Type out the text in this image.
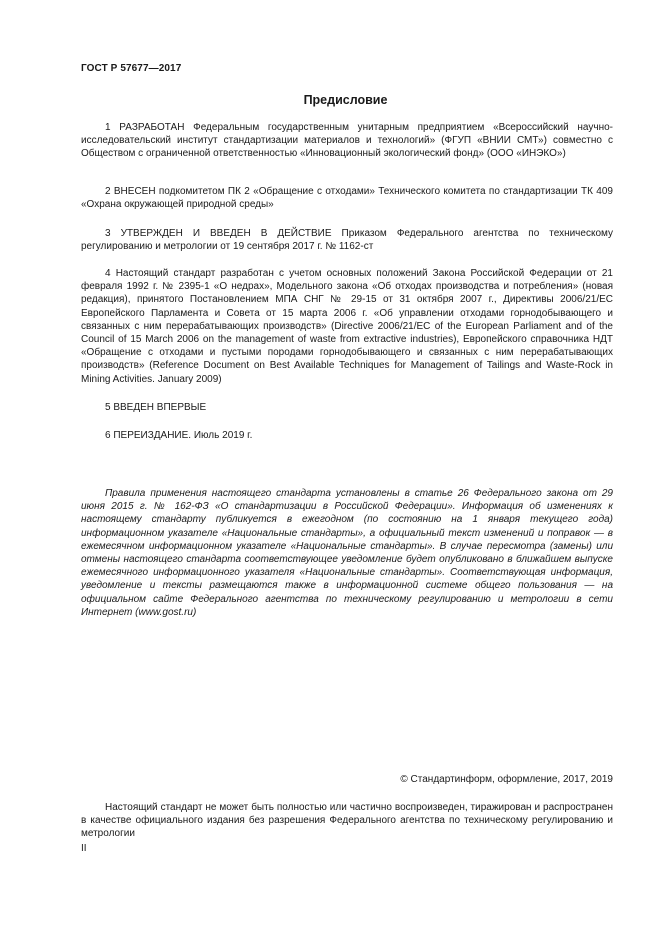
ГОСТ Р 57677—2017
Предисловие

1 РАЗРАБОТАН Федеральным государственным унитарным предприятием «Всероссийский научно-исследовательский институт стандартизации материалов и технологий» (ФГУП «ВНИИ СМТ») совместно с Обществом с ограниченной ответственностью «Инновационный экологический фонд» (ООО «ИНЭКО»)

2 ВНЕСЕН подкомитетом ПК 2 «Обращение с отходами» Технического комитета по стандартизации ТК 409 «Охрана окружающей природной среды»

3 УТВЕРЖДЕН И ВВЕДЕН В ДЕЙСТВИЕ Приказом Федерального агентства по техническому регулированию и метрологии от 19 сентября 2017 г. № 1162-ст

4 Настоящий стандарт разработан с учетом основных положений Закона Российской Федерации от 21 февраля 1992 г. № 2395-1 «О недрах», Модельного закона «Об отходах производства и потребления» (новая редакция), принятого Постановлением МПА СНГ № 29-15 от 31 октября 2007 г., Директивы 2006/21/ЕС Европейского Парламента и Совета от 15 марта 2006 г. «Об управлении отходами горнодобывающего и связанных с ним перерабатывающих производств» (Directive 2006/21/EC of the European Parliament and of the Council of 15 March 2006 on the management of waste from extractive industries), Европейского справочника НДТ «Обращение с отходами и пустыми породами горнодобывающего и связанных с ним перерабатывающих производств» (Reference Document on Best Available Techniques for Management of Tailings and Waste-Rock in Mining Activities. January 2009)

5 ВВЕДЕН ВПЕРВЫЕ

6 ПЕРЕИЗДАНИЕ. Июль 2019 г.

Правила применения настоящего стандарта установлены в статье 26 Федерального закона от 29 июня 2015 г. № 162-ФЗ «О стандартизации в Российской Федерации». Информация об изменениях к настоящему стандарту публикуется в ежегодном (по состоянию на 1 января текущего года) информационном указателе «Национальные стандарты», а официальный текст изменений и поправок — в ежемесячном информационном указателе «Национальные стандарты». В случае пересмотра (замены) или отмены настоящего стандарта соответствующее уведомление будет опубликовано в ближайшем выпуске ежемесячного информационного указателя «Национальные стандарты». Соответствующая информация, уведомление и тексты размещаются также в информационной системе общего пользования — на официальном сайте Федерального агентства по техническому регулированию и метрологии в сети Интернет (www.gost.ru)

© Стандартинформ, оформление, 2017, 2019

Настоящий стандарт не может быть полностью или частично воспроизведен, тиражирован и распространен в качестве официального издания без разрешения Федерального агентства по техническому регулированию и метрологии

II
